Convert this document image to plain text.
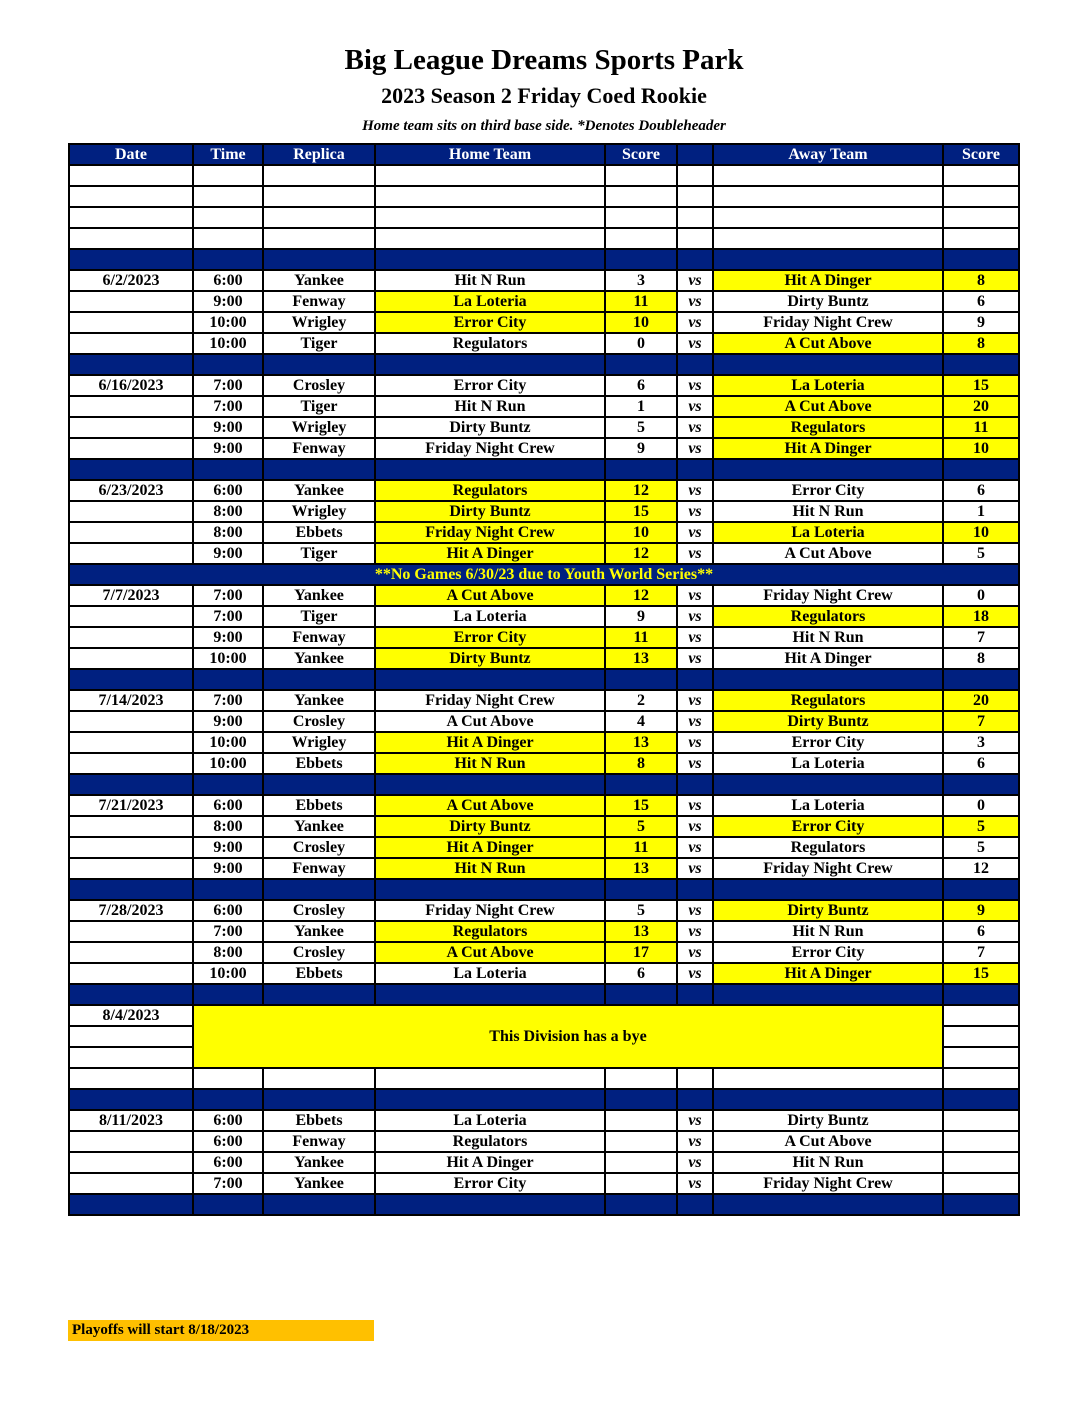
Big League Dreams Sports Park
2023 Season 2 Friday Coed Rookie
Home team sits on third base side. *Denotes Doubleheader
Date	Time	Replica	Home Team	Score		Away Team	Score

6/2/2023	6:00	Yankee	Hit N Run	3	vs	Hit A Dinger	8
	9:00	Fenway	La Loteria	11	vs	Dirty Buntz	6
	10:00	Wrigley	Error City	10	vs	Friday Night Crew	9
	10:00	Tiger	Regulators	0	vs	A Cut Above	8

6/16/2023	7:00	Crosley	Error City	6	vs	La Loteria	15
	7:00	Tiger	Hit N Run	1	vs	A Cut Above	20
	9:00	Wrigley	Dirty Buntz	5	vs	Regulators	11
	9:00	Fenway	Friday Night Crew	9	vs	Hit A Dinger	10

6/23/2023	6:00	Yankee	Regulators	12	vs	Error City	6
	8:00	Wrigley	Dirty Buntz	15	vs	Hit N Run	1
	8:00	Ebbets	Friday Night Crew	10	vs	La Loteria	10
	9:00	Tiger	Hit A Dinger	12	vs	A Cut Above	5
**No Games 6/30/23 due to Youth World Series**							
7/7/2023	7:00	Yankee	A Cut Above	12	vs	Friday Night Crew	0
	7:00	Tiger	La Loteria	9	vs	Regulators	18
	9:00	Fenway	Error City	11	vs	Hit N Run	7
	10:00	Yankee	Dirty Buntz	13	vs	Hit A Dinger	8

7/14/2023	7:00	Yankee	Friday Night Crew	2	vs	Regulators	20
	9:00	Crosley	A Cut Above	4	vs	Dirty Buntz	7
	10:00	Wrigley	Hit A Dinger	13	vs	Error City	3
	10:00	Ebbets	Hit N Run	8	vs	La Loteria	6

7/21/2023	6:00	Ebbets	A Cut Above	15	vs	La Loteria	0
	8:00	Yankee	Dirty Buntz	5	vs	Error City	5
	9:00	Crosley	Hit A Dinger	11	vs	Regulators	5
	9:00	Fenway	Hit N Run	13	vs	Friday Night Crew	12

7/28/2023	6:00	Crosley	Friday Night Crew	5	vs	Dirty Buntz	9
	7:00	Yankee	Regulators	13	vs	Hit N Run	6
	8:00	Crosley	A Cut Above	17	vs	Error City	7
	10:00	Ebbets	La Loteria	6	vs	Hit A Dinger	15

8/4/2023	This Division has a bye						

8/11/2023	6:00	Ebbets	La Loteria		vs	Dirty Buntz	
	6:00	Fenway	Regulators		vs	A Cut Above	
	6:00	Yankee	Hit A Dinger		vs	Hit N Run	
	7:00	Yankee	Error City		vs	Friday Night Crew	

Playoffs will start 8/18/2023
